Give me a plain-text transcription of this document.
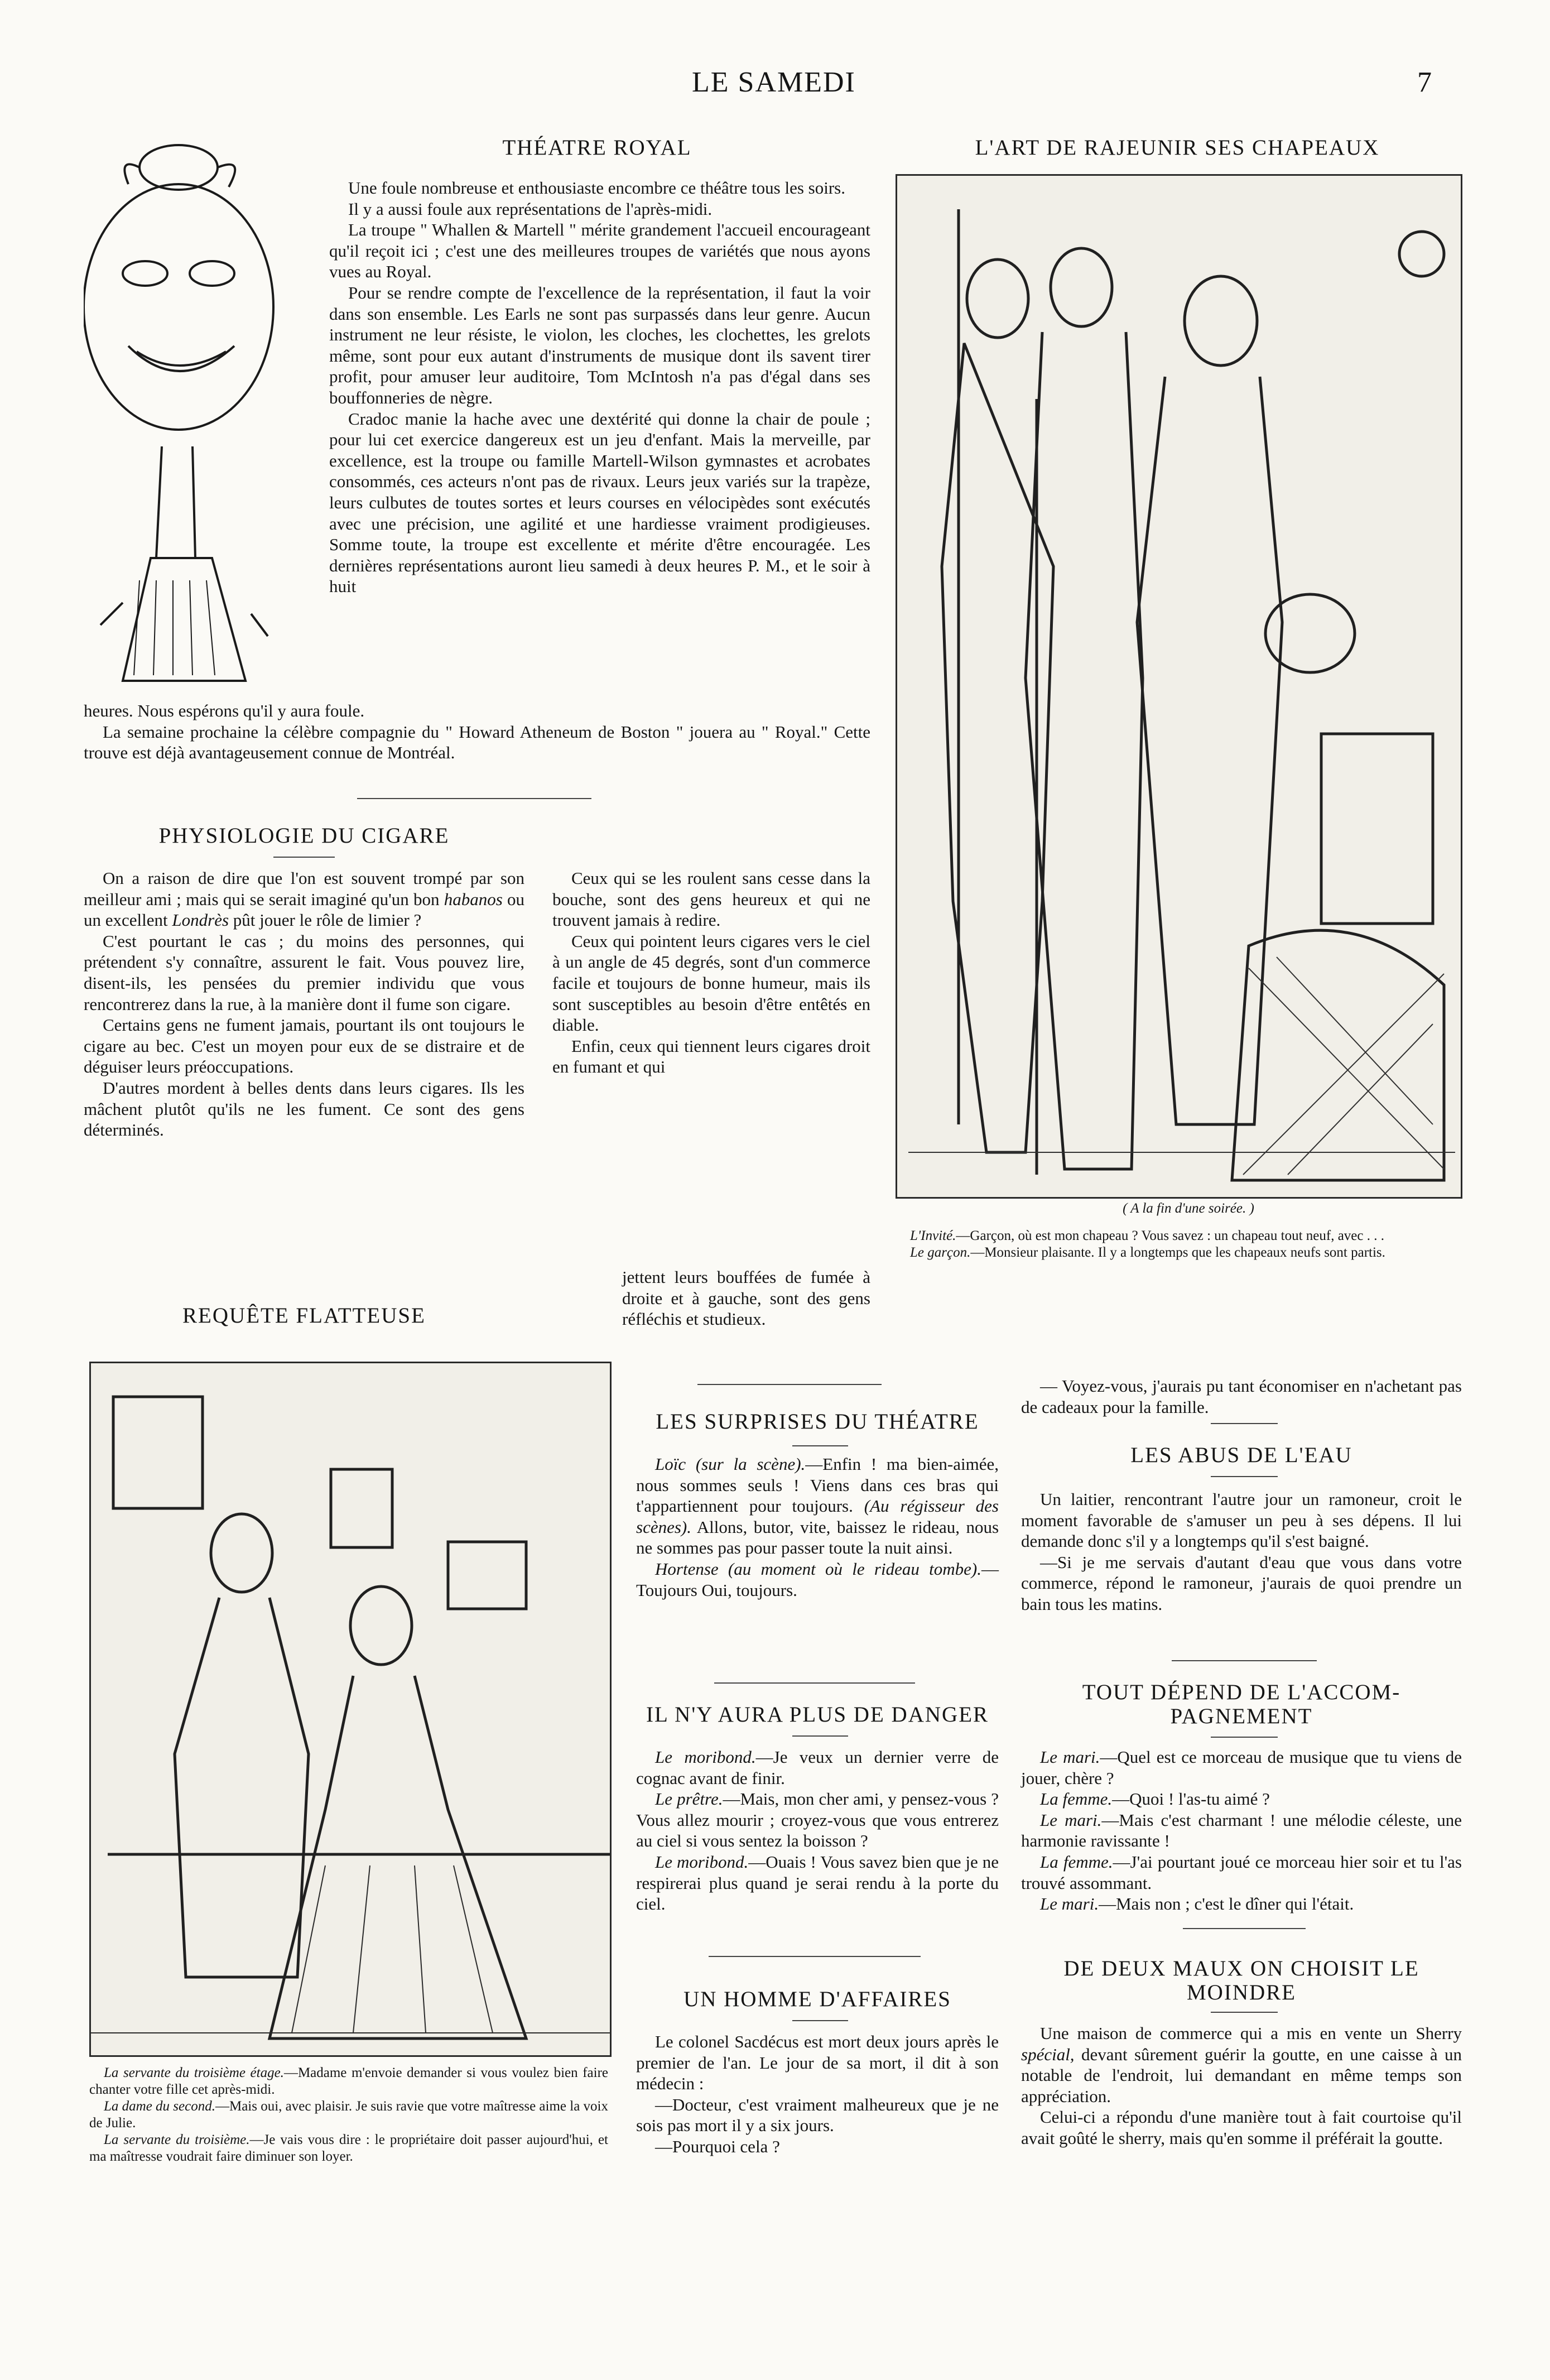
LE SAMEDI	7
THÉATRE ROYAL

Une foule nombreuse et enthousiaste encombre ce théâtre tous les soirs.

Il y a aussi foule aux représentations de l'après-midi.

La troupe " Whallen & Martell " mérite grandement l'accueil encourageant qu'il reçoit ici ; c'est une des meilleures troupes de variétés que nous ayons vues au Royal.

Pour se rendre compte de l'excellence de la représentation, il faut la voir dans son ensemble. Les Earls ne sont pas surpassés dans leur genre. Aucun instrument ne leur résiste, le violon, les cloches, les clochettes, les grelots même, sont pour eux autant d'instruments de musique dont ils savent tirer profit, pour amuser leur auditoire, Tom McIntosh n'a pas d'égal dans ses bouffonneries de nègre.

Cradoc manie la hache avec une dextérité qui donne la chair de poule ; pour lui cet exercice dangereux est un jeu d'enfant. Mais la merveille, par excellence, est la troupe ou famille Martell-Wilson gymnastes et acrobates consommés, ces acteurs n'ont pas de rivaux. Leurs jeux variés sur la trapèze, leurs culbutes de toutes sortes et leurs courses en vélocipèdes sont exécutés avec une précision, une agilité et une hardiesse vraiment prodigieuses. Somme toute, la troupe est excellente et mérite d'être encouragée. Les dernières représentations auront lieu samedi à deux heures P. M., et le soir à huit

heures. Nous espérons qu'il y aura foule.

La semaine prochaine la célèbre compagnie du " Howard Atheneum de Boston " jouera au " Royal." Cette trouve est déjà avantageusement connue de Montréal.

L'ART DE RAJEUNIR SES CHAPEAUX
( A la fin d'une soirée. )

L'Invité.—Garçon, où est mon chapeau ? Vous savez : un chapeau tout neuf, avec . . .

Le garçon.—Monsieur plaisante. Il y a longtemps que les chapeaux neufs sont partis.

PHYSIOLOGIE DU CIGARE

On a raison de dire que l'on est souvent trompé par son meilleur ami ; mais qui se serait imaginé qu'un bon habanos ou un excellent Londrès pût jouer le rôle de limier ?

C'est pourtant le cas ; du moins des personnes, qui prétendent s'y connaître, assurent le fait. Vous pouvez lire, disent-ils, les pensées du premier individu que vous rencontrerez dans la rue, à la manière dont il fume son cigare.

Certains gens ne fument jamais, pourtant ils ont toujours le cigare au bec. C'est un moyen pour eux de se distraire et de déguiser leurs préoccupations.

D'autres mordent à belles dents dans leurs cigares. Ils les mâchent plutôt qu'ils ne les fument. Ce sont des gens déterminés.

Ceux qui se les roulent sans cesse dans la bouche, sont des gens heureux et qui ne trouvent jamais à redire.

Ceux qui pointent leurs cigares vers le ciel à un angle de 45 degrés, sont d'un commerce facile et toujours de bonne humeur, mais ils sont susceptibles au besoin d'être entêtés en diable.

Enfin, ceux qui tiennent leurs cigares droit en fumant et qui

jettent leurs bouffées de fumée à droite et à gauche, sont des gens réfléchis et studieux.

REQUÊTE FLATTEUSE

La servante du troisième étage.—Madame m'envoie demander si vous voulez bien faire chanter votre fille cet après-midi.

La dame du second.—Mais oui, avec plaisir. Je suis ravie que votre maîtresse aime la voix de Julie.

La servante du troisième.—Je vais vous dire : le propriétaire doit passer aujourd'hui, et ma maîtresse voudrait faire diminuer son loyer.

LES SURPRISES DU THÉATRE

Loïc (sur la scène).—Enfin ! ma bien-aimée, nous sommes seuls ! Viens dans ces bras qui t'appartiennent pour toujours. (Au régisseur des scènes). Allons, butor, vite, baissez le rideau, nous ne sommes pas pour passer toute la nuit ainsi.

Hortense (au moment où le rideau tombe).—Toujours Oui, toujours.

IL N'Y AURA PLUS DE DANGER

Le moribond.—Je veux un dernier verre de cognac avant de finir.

Le prêtre.—Mais, mon cher ami, y pensez-vous ? Vous allez mourir ; croyez-vous que vous entrerez au ciel si vous sentez la boisson ?

Le moribond.—Ouais ! Vous savez bien que je ne respirerai plus quand je serai rendu à la porte du ciel.

UN HOMME D'AFFAIRES

Le colonel Sacdécus est mort deux jours après le premier de l'an. Le jour de sa mort, il dit à son médecin :

—Docteur, c'est vraiment malheureux que je ne sois pas mort il y a six jours.

—Pourquoi cela ?

— Voyez-vous, j'aurais pu tant économiser en n'achetant pas de cadeaux pour la famille.

LES ABUS DE L'EAU

Un laitier, rencontrant l'autre jour un ramoneur, croit le moment favorable de s'amuser un peu à ses dépens. Il lui demande donc s'il y a longtemps qu'il s'est baigné.

—Si je me servais d'autant d'eau que vous dans votre commerce, répond le ramoneur, j'aurais de quoi prendre un bain tous les matins.

TOUT DÉPEND DE L'ACCOM-
PAGNEMENT

Le mari.—Quel est ce morceau de musique que tu viens de jouer, chère ?

La femme.—Quoi ! l'as-tu aimé ?

Le mari.—Mais c'est charmant ! une mélodie céleste, une harmonie ravissante !

La femme.—J'ai pourtant joué ce morceau hier soir et tu l'as trouvé assommant.

Le mari.—Mais non ; c'est le dîner qui l'était.

DE DEUX MAUX ON CHOISIT LE
MOINDRE

Une maison de commerce qui a mis en vente un Sherry spécial, devant sûrement guérir la goutte, en une caisse à un notable de l'endroit, lui demandant en même temps son appréciation.

Celui-ci a répondu d'une manière tout à fait courtoise qu'il avait goûté le sherry, mais qu'en somme il préférait la goutte.
